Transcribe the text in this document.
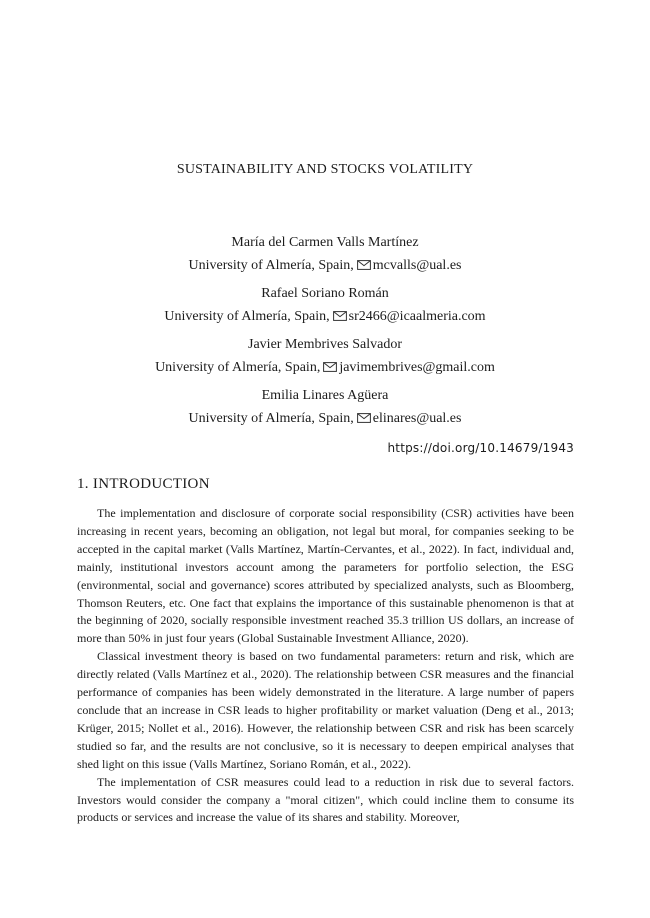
SUSTAINABILITY AND STOCKS VOLATILITY
María del Carmen Valls Martínez
University of Almería, Spain, mcvalls@ual.es
Rafael Soriano Román
University of Almería, Spain, sr2466@icaalmeria.com
Javier Membrives Salvador
University of Almería, Spain, javimembrives@gmail.com
Emilia Linares Agüera
University of Almería, Spain, elinares@ual.es
https://doi.org/10.14679/1943
1. INTRODUCTION

The implementation and disclosure of corporate social responsibility (CSR) activities have been increasing in recent years, becoming an obligation, not legal but moral, for companies seeking to be accepted in the capital market (Valls Martínez, Martín-Cervantes, et al., 2022). In fact, individual and, mainly, institutional investors account among the parameters for portfolio selection, the ESG (environmental, social and governance) scores attributed by specialized analysts, such as Bloomberg, Thomson Reuters, etc. One fact that explains the importance of this sustainable phenomenon is that at the beginning of 2020, socially responsible investment reached 35.3 trillion US dollars, an increase of more than 50% in just four years (Global Sustainable Investment Alliance, 2020).

Classical investment theory is based on two fundamental parameters: return and risk, which are directly related (Valls Martínez et al., 2020). The relationship between CSR measures and the financial performance of companies has been widely demonstrated in the literature. A large number of papers conclude that an increase in CSR leads to higher profitability or market valuation (Deng et al., 2013; Krüger, 2015; Nollet et al., 2016). However, the relationship between CSR and risk has been scarcely studied so far, and the results are not conclusive, so it is necessary to deepen empirical analyses that shed light on this issue (Valls Martínez, Soriano Román, et al., 2022).

The implementation of CSR measures could lead to a reduction in risk due to several factors. Investors would consider the company a "moral citizen", which could incline them to consume its products or services and increase the value of its shares and stability. Moreover,
